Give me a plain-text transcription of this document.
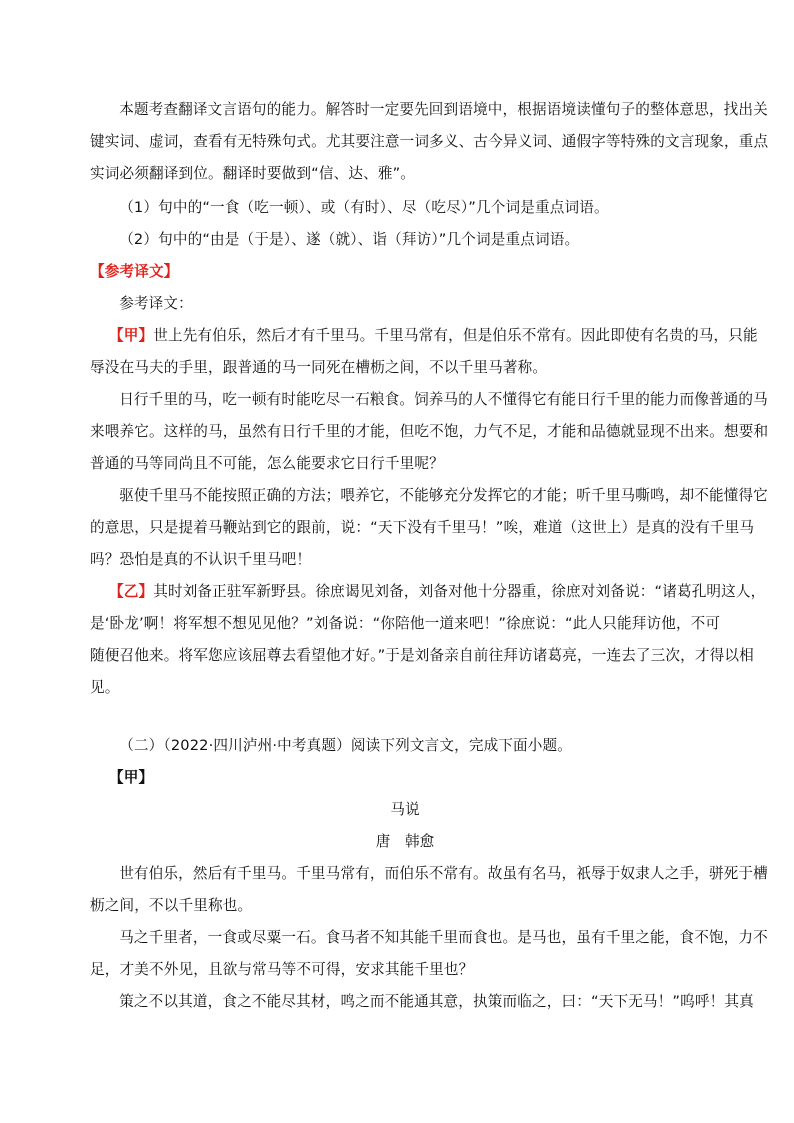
本题考查翻译文言语句的能力。解答时一定要先回到语境中，根据语境读懂句子的整体意思，找出关
键实词、虚词，查看有无特殊句式。尤其要注意一词多义、古今异义词、通假字等特殊的文言现象，重点
实词必须翻译到位。翻译时要做到“信、达、雅”。
（1）句中的“一食（吃一顿）、或（有时）、尽（吃尽）”几个词是重点词语。
（2）句中的“由是（于是）、遂（就）、诣（拜访）”几个词是重点词语。
【参考译文】
参考译文：
【甲】世上先有伯乐，然后才有千里马。千里马常有，但是伯乐不常有。因此即使有名贵的马，只能
辱没在马夫的手里，跟普通的马一同死在槽枥之间，不以千里马著称。
日行千里的马，吃一顿有时能吃尽一石粮食。饲养马的人不懂得它有能日行千里的能力而像普通的马
来喂养它。这样的马，虽然有日行千里的才能，但吃不饱，力气不足，才能和品德就显现不出来。想要和
普通的马等同尚且不可能，怎么能要求它日行千里呢？
驱使千里马不能按照正确的方法；喂养它，不能够充分发挥它的才能；听千里马嘶鸣，却不能懂得它
的意思，只是提着马鞭站到它的跟前，说：“天下没有千里马！”唉，难道（这世上）是真的没有千里马
吗？恐怕是真的不认识千里马吧！
【乙】其时刘备正驻军新野县。徐庶谒见刘备，刘备对他十分器重，徐庶对刘备说：“诸葛孔明这人，
是‘卧龙’啊！将军想不想见见他？”刘备说：“你陪他一道来吧！”徐庶说：“此人只能拜访他，不可
随便召他来。将军您应该屈尊去看望他才好。”于是刘备亲自前往拜访诸葛亮，一连去了三次，才得以相
见。
（二）（2022·四川泸州·中考真题）阅读下列文言文，完成下面小题。
【甲】
马说
唐　韩愈
世有伯乐，然后有千里马。千里马常有，而伯乐不常有。故虽有名马，祇辱于奴隶人之手，骈死于槽
枥之间，不以千里称也。
马之千里者，一食或尽粟一石。食马者不知其能千里而食也。是马也，虽有千里之能，食不饱，力不
足，才美不外见，且欲与常马等不可得，安求其能千里也？
策之不以其道，食之不能尽其材，鸣之而不能通其意，执策而临之，曰：“天下无马！”呜呼！其真
